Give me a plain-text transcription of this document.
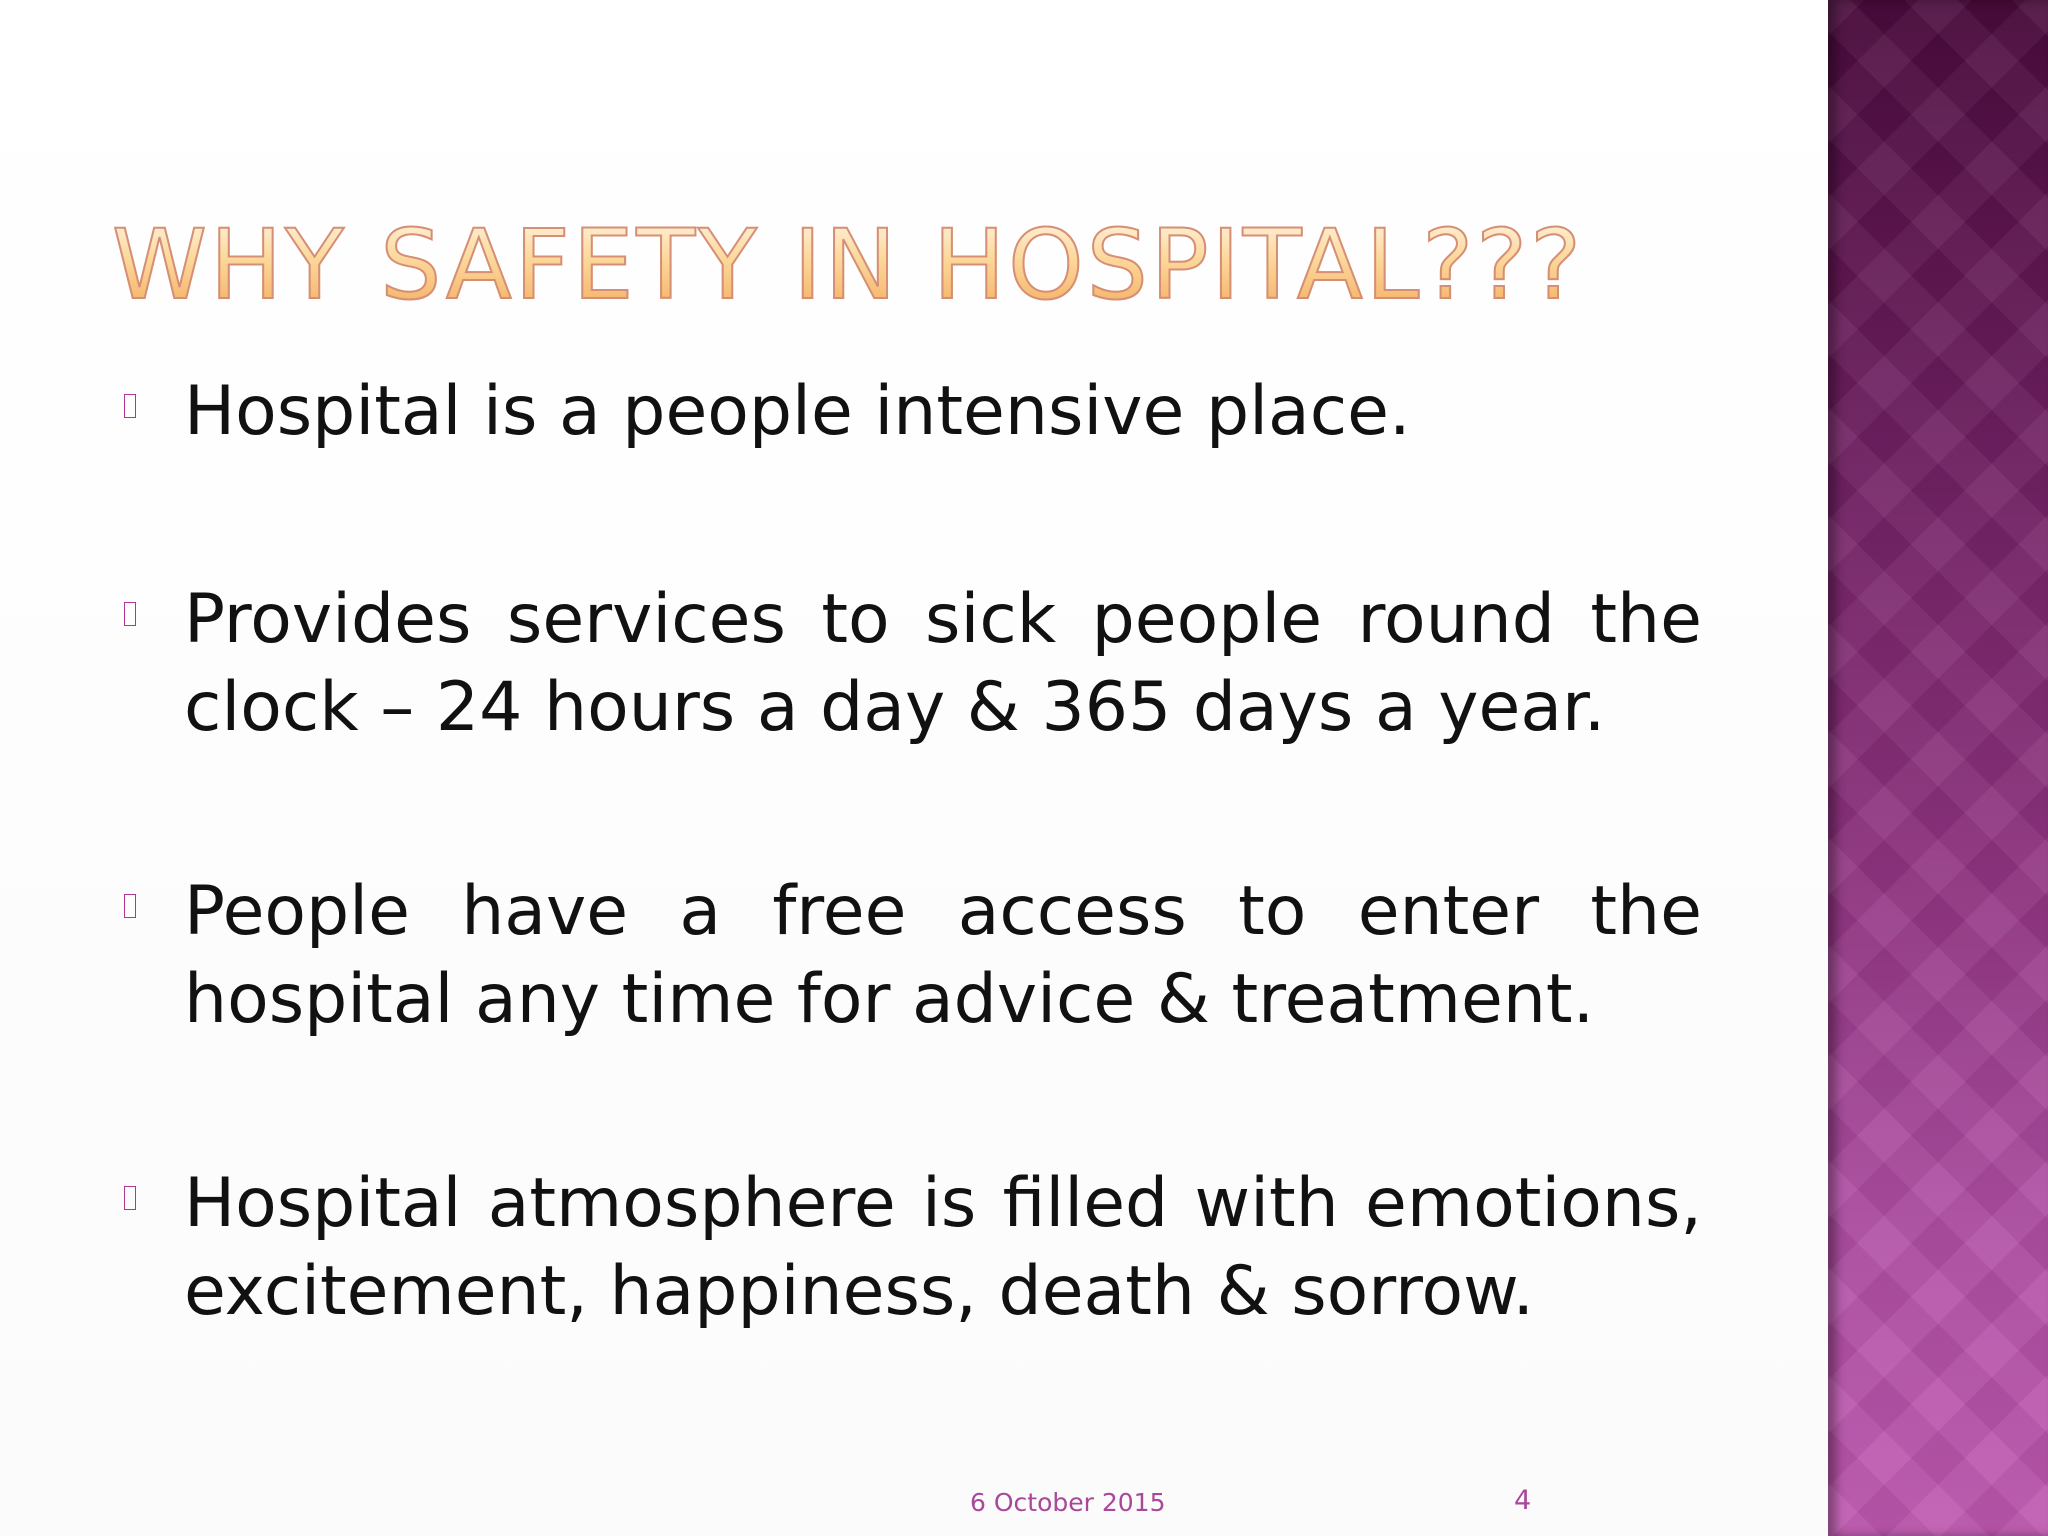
WHY SAFETY IN HOSPITAL???
Hospital is a people intensive place.
Provides services to sick people round the clock – 24 hours a day & 365 days a year.
People have a free access to enter the hospital any time for advice & treatment.
Hospital atmosphere is filled with emotions, excitement, happiness, death & sorrow.
6 October 2015	4
